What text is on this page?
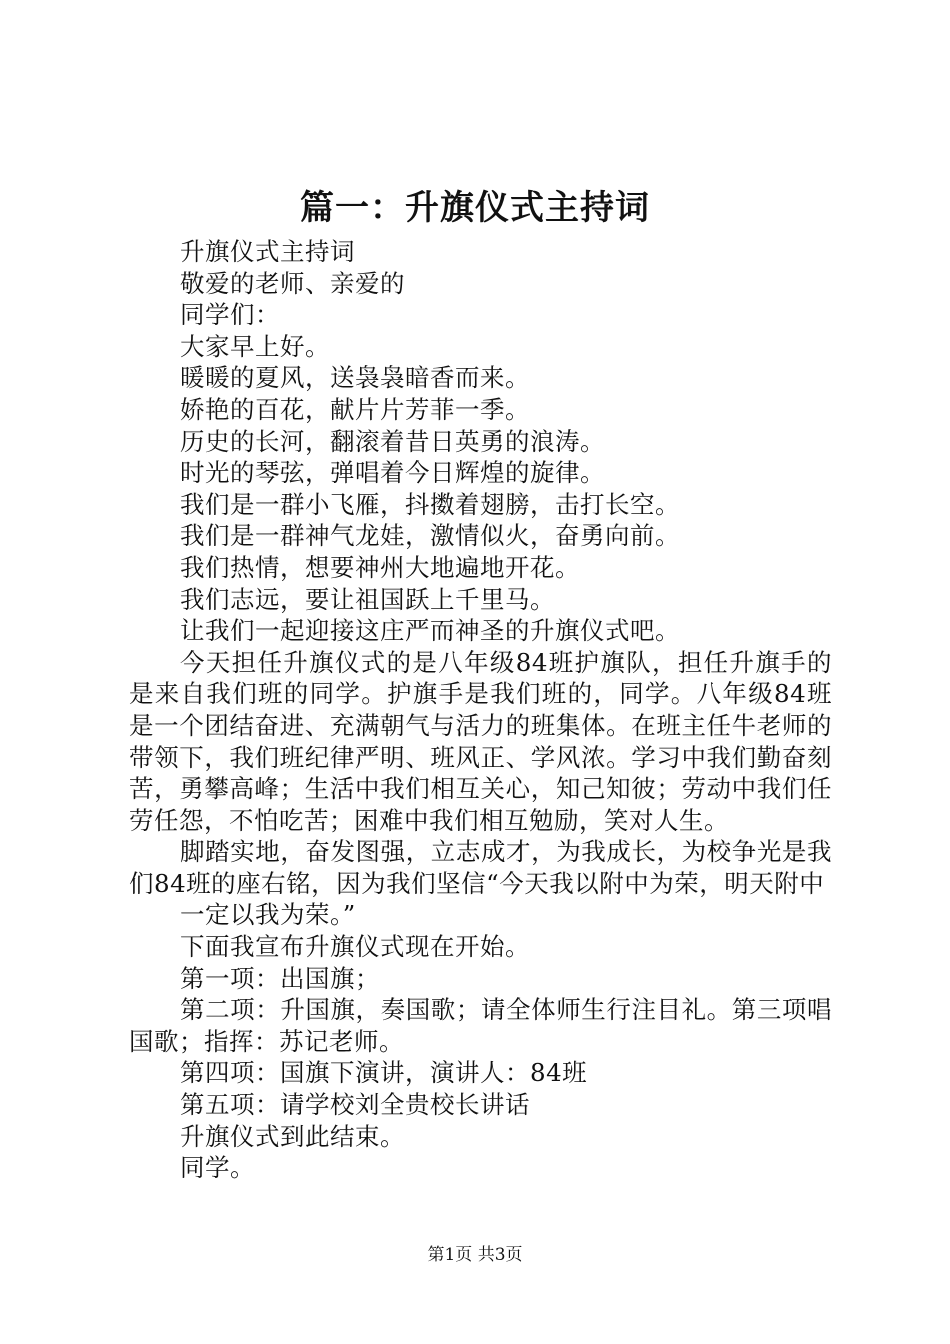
篇一：升旗仪式主持词

升旗仪式主持词

敬爱的老师、亲爱的

同学们：

大家早上好。

暖暖的夏风，送袅袅暗香而来。

娇艳的百花，献片片芳菲一季。

历史的长河，翻滚着昔日英勇的浪涛。

时光的琴弦，弹唱着今日辉煌的旋律。

我们是一群小飞雁，抖擞着翅膀，击打长空。

我们是一群神气龙娃，激情似火，奋勇向前。

我们热情，想要神州大地遍地开花。

我们志远，要让祖国跃上千里马。

让我们一起迎接这庄严而神圣的升旗仪式吧。

今天担任升旗仪式的是八年级84班护旗队，担任升旗手的是来自我们班的同学。护旗手是我们班的，同学。八年级84班是一个团结奋进、充满朝气与活力的班集体。在班主任牛老师的带领下，我们班纪律严明、班风正、学风浓。学习中我们勤奋刻苦，勇攀高峰；生活中我们相互关心，知己知彼；劳动中我们任劳任怨，不怕吃苦；困难中我们相互勉励，笑对人生。

脚踏实地，奋发图强，立志成才，为我成长，为校争光是我们84班的座右铭，因为我们坚信“今天我以附中为荣，明天附中

一定以我为荣。”

下面我宣布升旗仪式现在开始。

第一项：出国旗；

第二项：升国旗，奏国歌；请全体师生行注目礼。第三项唱国歌；指挥：苏记老师。

第四项：国旗下演讲，演讲人：84班

第五项：请学校刘全贵校长讲话

升旗仪式到此结束。

同学。

第1页 共3页
